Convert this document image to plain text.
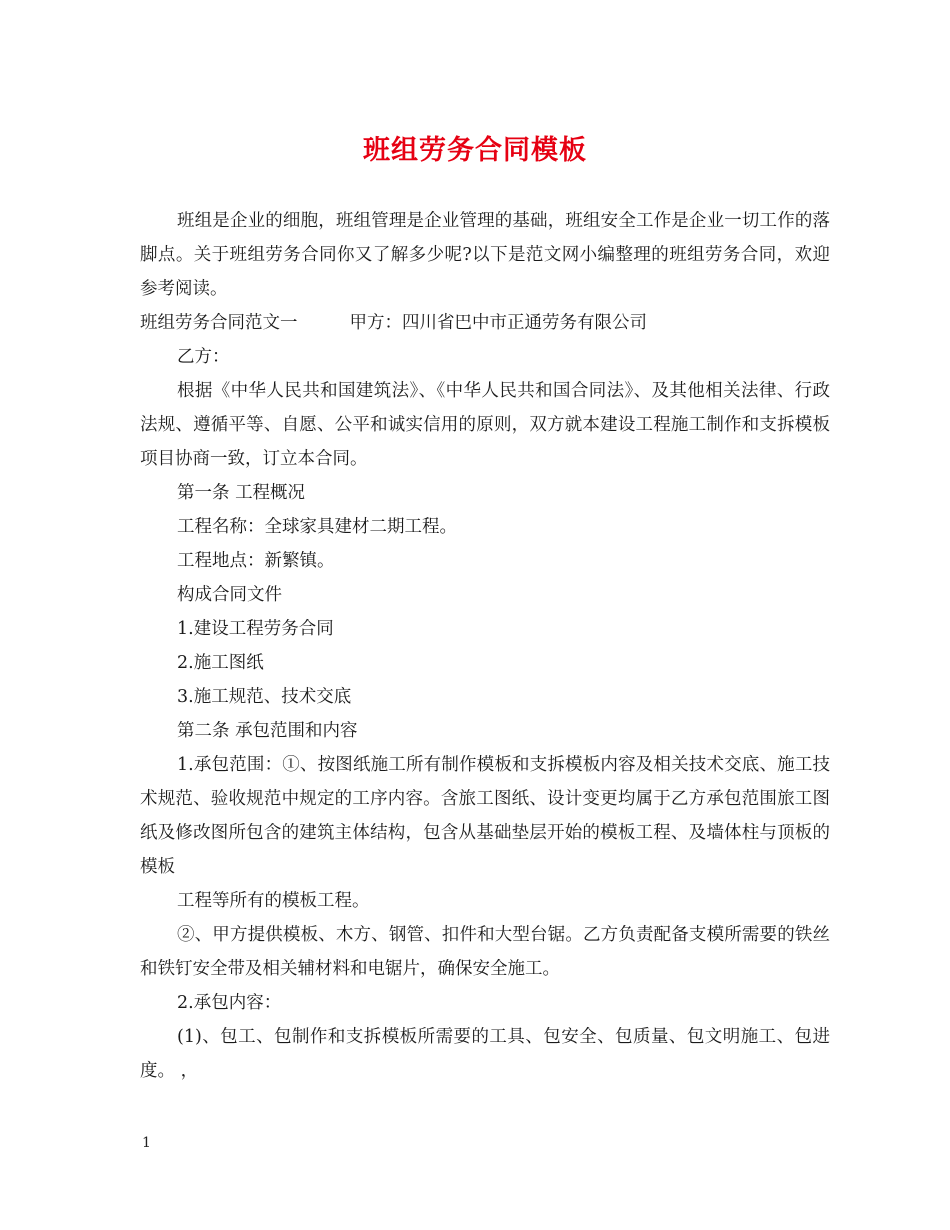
班组劳务合同模板

班组是企业的细胞，班组管理是企业管理的基础，班组安全工作是企业一切工作的落脚点。关于班组劳务合同你又了解多少呢?以下是范文网小编整理的班组劳务合同，欢迎参考阅读。

班组劳务合同范文一	甲方：四川省巴中市正通劳务有限公司

乙方：

根据《中华人民共和国建筑法》、《中华人民共和国合同法》、及其他相关法律、行政法规、遵循平等、自愿、公平和诚实信用的原则，双方就本建设工程施工制作和支拆模板项目协商一致，订立本合同。

第一条 工程概况

工程名称：全球家具建材二期工程。

工程地点：新繁镇。

构成合同文件

1.建设工程劳务合同

2.施工图纸

3.施工规范、技术交底

第二条 承包范围和内容

1.承包范围：①、按图纸施工所有制作模板和支拆模板内容及相关技术交底、施工技术规范、验收规范中规定的工序内容。含旅工图纸、设计变更均属于乙方承包范围旅工图纸及修改图所包含的建筑主体结构，包含从基础垫层开始的模板工程、及墙体柱与顶板的模板

工程等所有的模板工程。

②、甲方提供模板、木方、钢管、扣件和大型台锯。乙方负责配备支模所需要的铁丝和铁钉安全带及相关辅材料和电锯片，确保安全施工。

2.承包内容：

(1)、包工、包制作和支拆模板所需要的工具、包安全、包质量、包文明施工、包进度。 ，

1
